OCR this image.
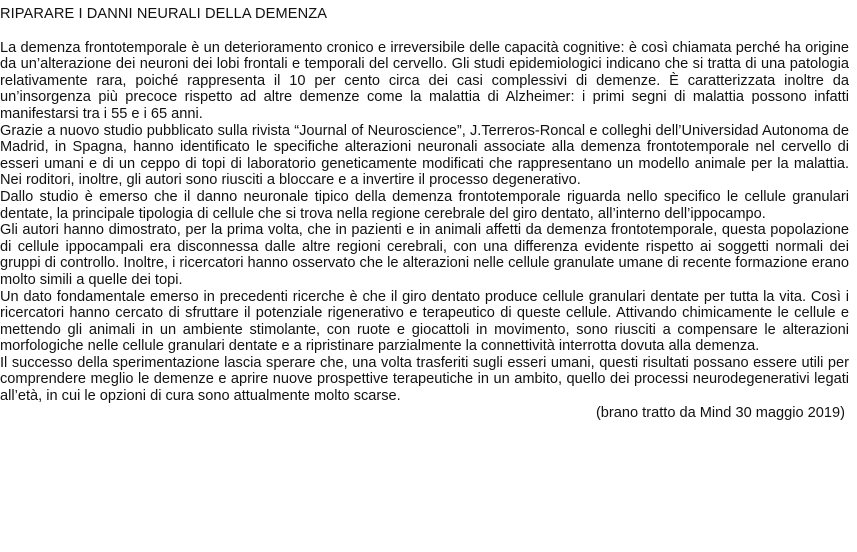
RIPARARE I DANNI NEURALI DELLA DEMENZA

La demenza frontotemporale è un deterioramento cronico e irreversibile delle capacità cognitive: è così chiamata perché ha origine da un’alterazione dei neuroni dei lobi frontali e temporali del cervello. Gli studi epidemiologici indicano che si tratta di una patologia relativamente rara, poiché rappresenta il 10 per cento circa dei casi complessivi di demenze. È caratterizzata inoltre da un’insorgenza più precoce rispetto ad altre demenze come la malattia di Alzheimer: i primi segni di malattia possono infatti manifestarsi tra i 55 e i 65 anni.

Grazie a nuovo studio pubblicato sulla rivista “Journal of Neuroscience”, J.Terreros-Roncal e colleghi dell’Universidad Autonoma de Madrid, in Spagna, hanno identificato le specifiche alterazioni neuronali associate alla demenza frontotemporale nel cervello di esseri umani e di un ceppo di topi di laboratorio geneticamente modificati che rappresentano un modello animale per la malattia. Nei roditori, inoltre, gli autori sono riusciti a bloccare e a invertire il processo degenerativo.

Dallo studio è emerso che il danno neuronale tipico della demenza frontotemporale riguarda nello specifico le cellule granulari dentate, la principale tipologia di cellule che si trova nella regione cerebrale del giro dentato, all’interno dell’ippocampo.

Gli autori hanno dimostrato, per la prima volta, che in pazienti e in animali affetti da demenza frontotemporale, questa popolazione di cellule ippocampali era disconnessa dalle altre regioni cerebrali, con una differenza evidente rispetto ai soggetti normali dei gruppi di controllo. Inoltre, i ricercatori hanno osservato che le alterazioni nelle cellule granulate umane di recente formazione erano molto simili a quelle dei topi.

Un dato fondamentale emerso in precedenti ricerche è che il giro dentato produce cellule granulari dentate per tutta la vita. Così i ricercatori hanno cercato di sfruttare il potenziale rigenerativo e terapeutico di queste cellule. Attivando chimicamente le cellule e mettendo gli animali in un ambiente stimolante, con ruote e giocattoli in movimento, sono riusciti a compensare le alterazioni morfologiche nelle cellule granulari dentate e a ripristinare parzialmente la connettività interrotta dovuta alla demenza.

Il successo della sperimentazione lascia sperare che, una volta trasferiti sugli esseri umani, questi risultati possano essere utili per comprendere meglio le demenze e aprire nuove prospettive terapeutiche in un ambito, quello dei processi neurodegenerativi legati all’età, in cui le opzioni di cura sono attualmente molto scarse.

(brano tratto da Mind 30 maggio 2019)
